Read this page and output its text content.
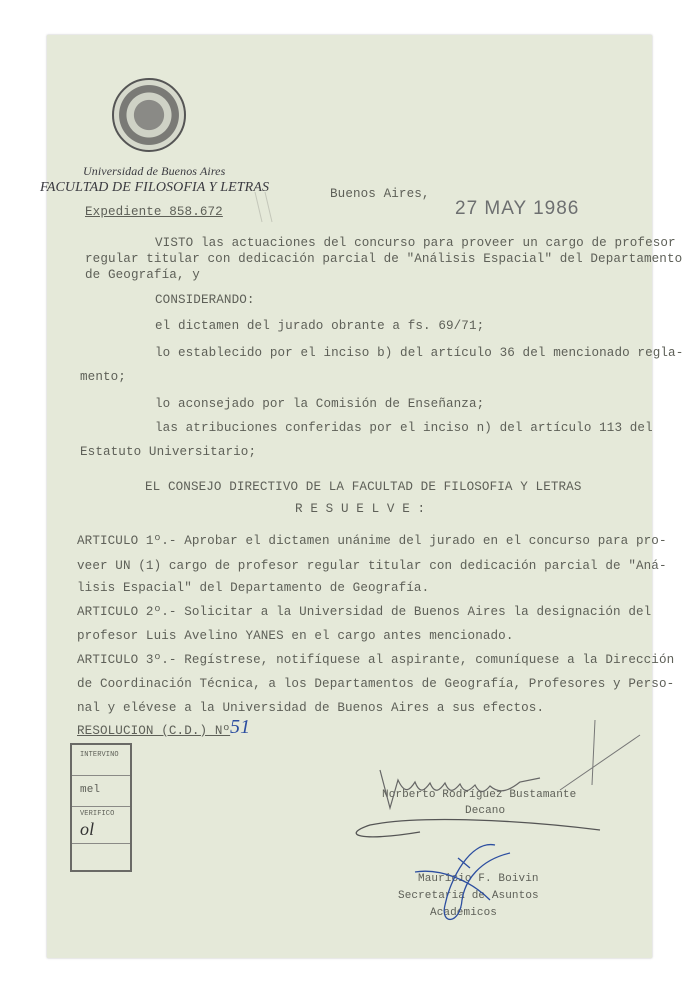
Universidad de Buenos Aires
FACULTAD DE FILOSOFIA Y LETRAS	Buenos Aires,
27 MAY 1986
Expediente 858.672
VISTO las actuaciones del concurso para proveer un cargo de profesor
regular titular con dedicación parcial de "Análisis Espacial" del Departamento
de Geografía, y
CONSIDERANDO:
el dictamen del jurado obrante a fs. 69/71;
lo establecido por el inciso b) del artículo 36 del mencionado regla-
mento;
lo aconsejado por la Comisión de Enseñanza;
las atribuciones conferidas por el inciso n) del artículo 113 del
Estatuto Universitario;
EL CONSEJO DIRECTIVO DE LA FACULTAD DE FILOSOFIA Y LETRAS
R E S U E L V E :
ARTICULO 1º.- Aprobar el dictamen unánime del jurado en el concurso para pro-
veer UN (1) cargo de profesor regular titular con dedicación parcial de "Aná-
lisis Espacial" del Departamento de Geografía.
ARTICULO 2º.- Solicitar a la Universidad de Buenos Aires la designación del
profesor Luis Avelino YANES en el cargo antes mencionado.
ARTICULO 3º.- Regístrese, notifíquese al aspirante, comuníquese a la Dirección
de Coordinación Técnica, a los Departamentos de Geografía, Profesores y Perso-
nal y elévese a la Universidad de Buenos Aires a sus efectos.
RESOLUCION (C.D.) Nº 51
INTERVINO
mel
VERIFICO
ol
Norberto Rodríguez Bustamante
Decano
Mauricio F. Boivin
Secretaria de Asuntos
Académicos
